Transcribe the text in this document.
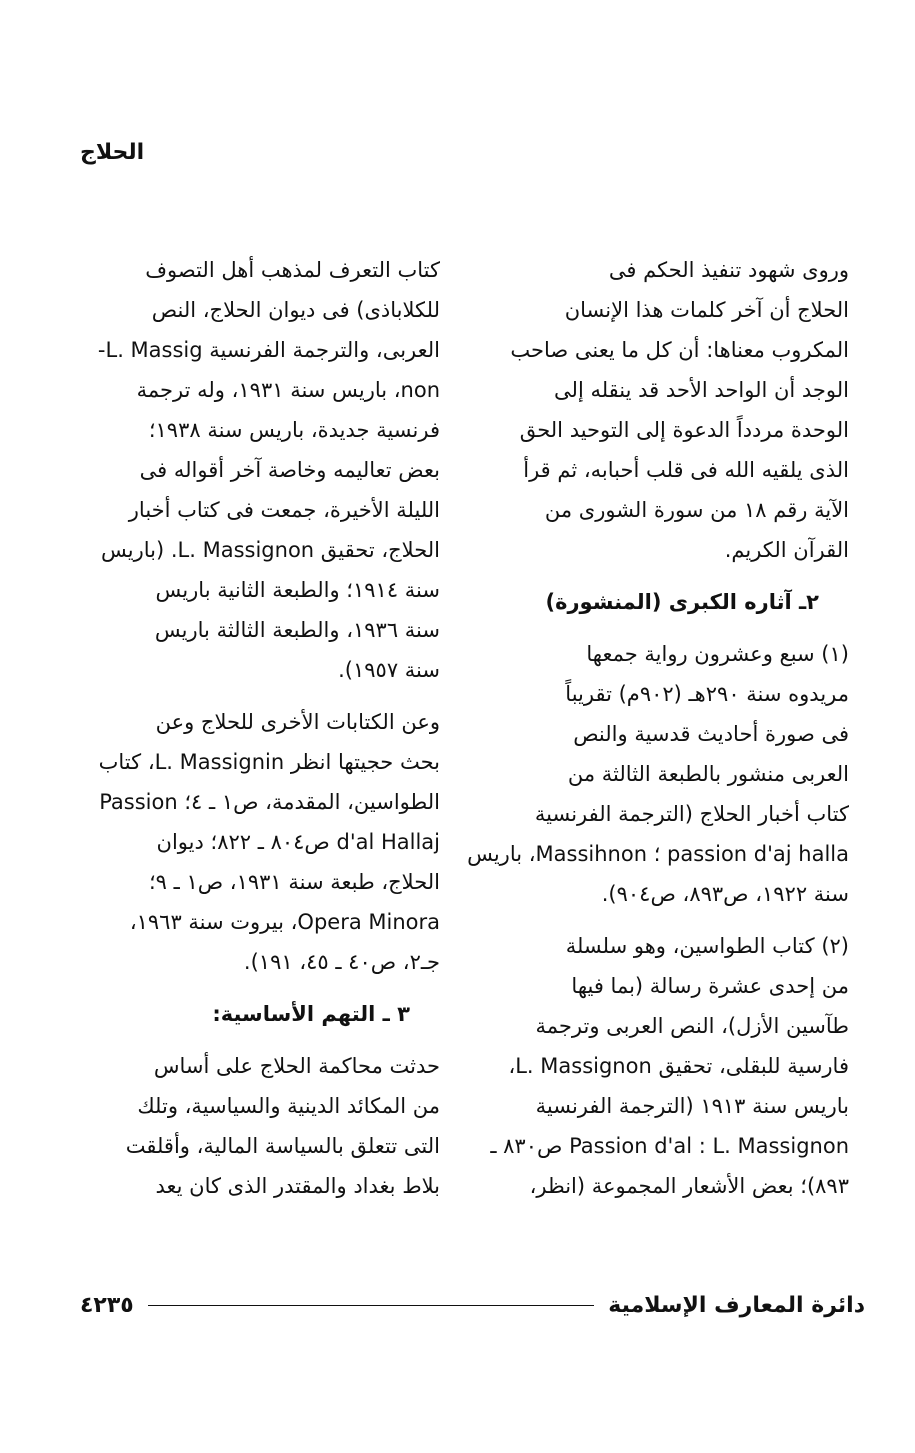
الحلاج
وروى شهود تنفيذ الحكم فى
الحلاج أن آخر كلمات هذا الإنسان
المكروب معناها: أن كل ما يعنى صاحب
الوجد أن الواحد الأحد قد ينقله إلى
الوحدة مردداً الدعوة إلى التوحيد الحق
الذى يلقيه الله فى قلب أحبابه، ثم قرأ
الآية رقم ١٨ من سورة الشورى من
القرآن الكريم.
٢ـ آثاره الكبرى (المنشورة)
(١) سبع وعشرون رواية جمعها
مريدوه سنة ٢٩٠هـ (٩٠٢م) تقريباً
فى صورة أحاديث قدسية والنص
العربى منشور بالطبعة الثالثة من
كتاب أخبار الحلاج (الترجمة الفرنسية
passion d'aj halla ؛ Massihnon، باريس
سنة ١٩٢٢، ص٨٩٣، ص٩٠٤).
(٢) كتاب الطواسين، وهو سلسلة
من إحدى عشرة رسالة (بما فيها
طآسين الأزل)، النص العربى وترجمة
فارسية للبقلى، تحقيق L. Massignon،
باريس سنة ١٩١٣ (الترجمة الفرنسية
Passion d'al : L. Massignon ص٨٣٠ ـ
٨٩٣)؛ بعض الأشعار المجموعة (انظر،
كتاب التعرف لمذهب أهل التصوف
للكلاباذى) فى ديوان الحلاج، النص
العربى، والترجمة الفرنسية L. Massig-
non، باريس سنة ١٩٣١، وله ترجمة
فرنسية جديدة، باريس سنة ١٩٣٨؛
بعض تعاليمه وخاصة آخر أقواله فى
الليلة الأخيرة، جمعت فى كتاب أخبار
الحلاج، تحقيق L. Massignon. (باريس
سنة ١٩١٤؛ والطبعة الثانية باريس
سنة ١٩٣٦، والطبعة الثالثة باريس
سنة ١٩٥٧).
وعن الكتابات الأخرى للحلاج وعن
بحث حجيتها انظر L. Massignin، كتاب
الطواسين، المقدمة، ص١ ـ ٤؛ Passion
d'al Hallaj ص٨٠٤ ـ ٨٢٢؛ ديوان
الحلاج، طبعة سنة ١٩٣١، ص١ ـ ٩؛
Opera Minora، بيروت سنة ١٩٦٣،
جـ٢، ص٤٠ ـ ٤٥، ١٩١).
٣ ـ التهم الأساسية:
حدثت محاكمة الحلاج على أساس
من المكائد الدينية والسياسية، وتلك
التى تتعلق بالسياسة المالية، وأقلقت
بلاط بغداد والمقتدر الذى كان يعد
دائرة المعارف الإسلامية
٤٢٣٥
